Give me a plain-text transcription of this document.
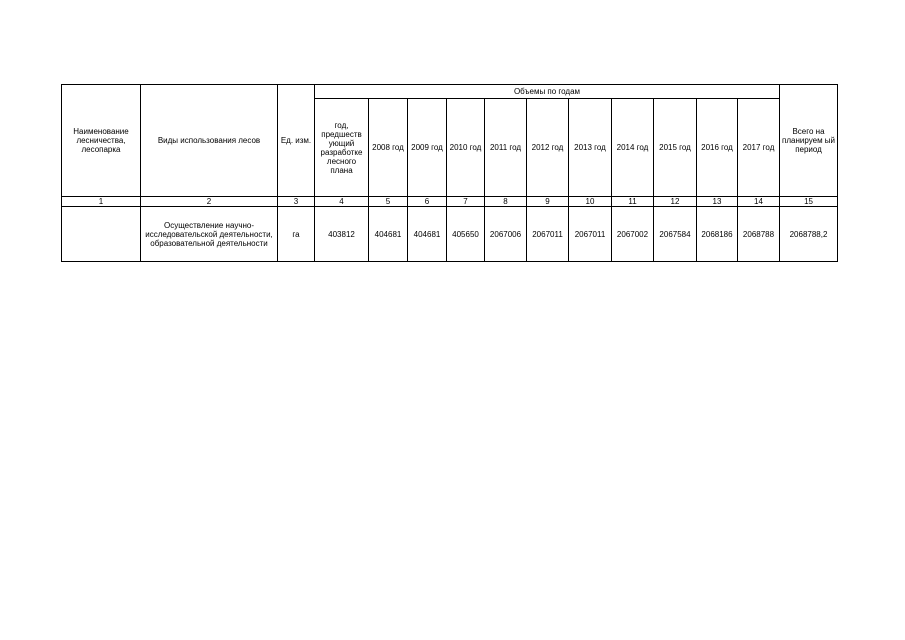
Наименование лесничества, лесопарка	Виды использования лесов	Ед. изм.	Объемы по годам											Всего на планируем ый период
			год, предшеств ующий разработке лесного плана	2008 год	2009 год	2010 год	2011 год	2012 год	2013 год	2014 год	2015 год	2016 год	2017 год	
1	2	3	4	5	6	7	8	9	10	11	12	13	14	15
	Осуществление научно-исследовательской деятельности, образовательной деятельности	га	403812	404681	404681	405650	2067006	2067011	2067011	2067002	2067584	2068186	2068788	2068788,2
